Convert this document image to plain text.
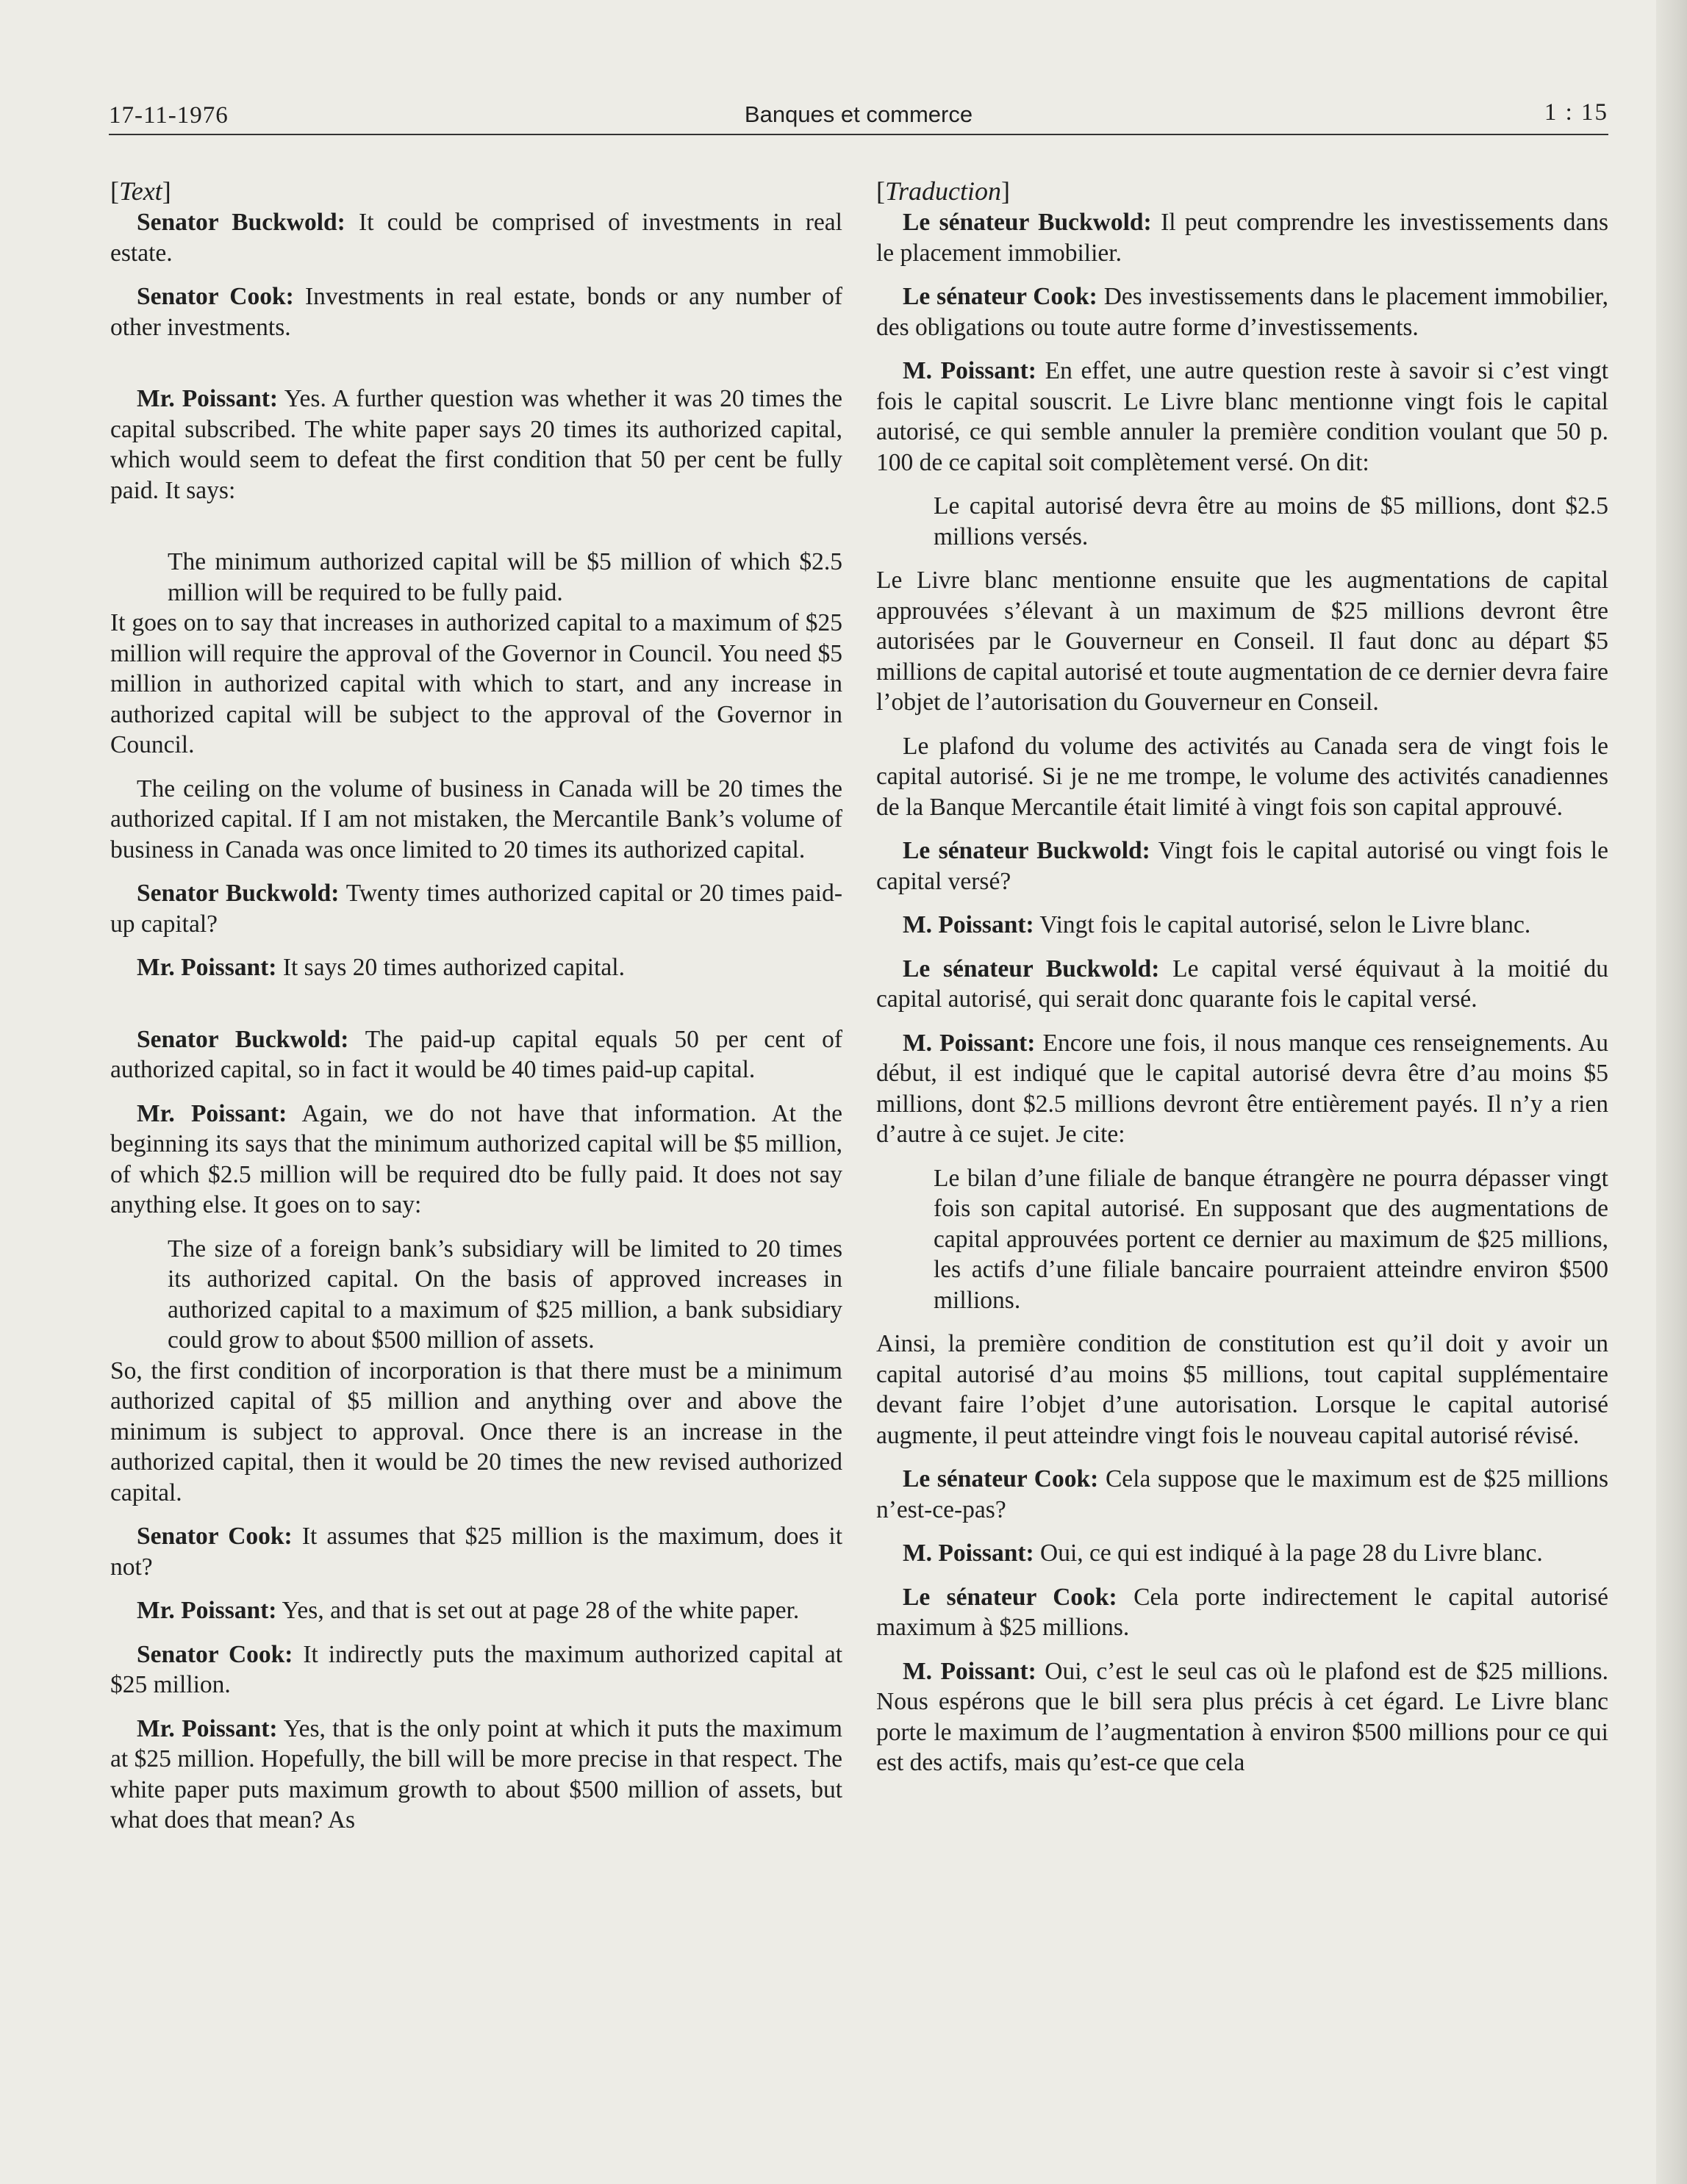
17-11-1976	Banques et commerce	1 : 15
[Text]

Senator Buckwold: It could be comprised of investments in real estate.

Senator Cook: Investments in real estate, bonds or any number of other investments.

Mr. Poissant: Yes. A further question was whether it was 20 times the capital subscribed. The white paper says 20 times its authorized capital, which would seem to defeat the first condition that 50 per cent be fully paid. It says:

The minimum authorized capital will be $5 million of which $2.5 million will be required to be fully paid.

It goes on to say that increases in authorized capital to a maximum of $25 million will require the approval of the Governor in Council. You need $5 million in authorized capital with which to start, and any increase in authorized capital will be subject to the approval of the Governor in Council.

The ceiling on the volume of business in Canada will be 20 times the authorized capital. If I am not mistaken, the Mercantile Bank’s volume of business in Canada was once limited to 20 times its authorized capital.

Senator Buckwold: Twenty times authorized capital or 20 times paid-up capital?

Mr. Poissant: It says 20 times authorized capital.

Senator Buckwold: The paid-up capital equals 50 per cent of authorized capital, so in fact it would be 40 times paid-up capital.

Mr. Poissant: Again, we do not have that information. At the beginning its says that the minimum authorized capital will be $5 million, of which $2.5 million will be required dto be fully paid. It does not say anything else. It goes on to say:

The size of a foreign bank’s subsidiary will be limited to 20 times its authorized capital. On the basis of approved increases in authorized capital to a maximum of $25 million, a bank subsidiary could grow to about $500 million of assets.

So, the first condition of incorporation is that there must be a minimum authorized capital of $5 million and anything over and above the minimum is subject to approval. Once there is an increase in the authorized capital, then it would be 20 times the new revised authorized capital.

Senator Cook: It assumes that $25 million is the maximum, does it not?

Mr. Poissant: Yes, and that is set out at page 28 of the white paper.

Senator Cook: It indirectly puts the maximum authorized capital at $25 million.

Mr. Poissant: Yes, that is the only point at which it puts the maximum at $25 million. Hopefully, the bill will be more precise in that respect. The white paper puts maximum growth to about $500 million of assets, but what does that mean? As

[Traduction]

Le sénateur Buckwold: Il peut comprendre les investissements dans le placement immobilier.

Le sénateur Cook: Des investissements dans le placement immobilier, des obligations ou toute autre forme d’investissements.

M. Poissant: En effet, une autre question reste à savoir si c’est vingt fois le capital souscrit. Le Livre blanc mentionne vingt fois le capital autorisé, ce qui semble annuler la première condition voulant que 50 p. 100 de ce capital soit complètement versé. On dit:

Le capital autorisé devra être au moins de $5 millions, dont $2.5 millions versés.

Le Livre blanc mentionne ensuite que les augmentations de capital approuvées s’élevant à un maximum de $25 millions devront être autorisées par le Gouverneur en Conseil. Il faut donc au départ $5 millions de capital autorisé et toute augmentation de ce dernier devra faire l’objet de l’autorisation du Gouverneur en Conseil.

Le plafond du volume des activités au Canada sera de vingt fois le capital autorisé. Si je ne me trompe, le volume des activités canadiennes de la Banque Mercantile était limité à vingt fois son capital approuvé.

Le sénateur Buckwold: Vingt fois le capital autorisé ou vingt fois le capital versé?

M. Poissant: Vingt fois le capital autorisé, selon le Livre blanc.

Le sénateur Buckwold: Le capital versé équivaut à la moitié du capital autorisé, qui serait donc quarante fois le capital versé.

M. Poissant: Encore une fois, il nous manque ces renseignements. Au début, il est indiqué que le capital autorisé devra être d’au moins $5 millions, dont $2.5 millions devront être entièrement payés. Il n’y a rien d’autre à ce sujet. Je cite:

Le bilan d’une filiale de banque étrangère ne pourra dépasser vingt fois son capital autorisé. En supposant que des augmentations de capital approuvées portent ce dernier au maximum de $25 millions, les actifs d’une filiale bancaire pourraient atteindre environ $500 millions.

Ainsi, la première condition de constitution est qu’il doit y avoir un capital autorisé d’au moins $5 millions, tout capital supplémentaire devant faire l’objet d’une autorisation. Lorsque le capital autorisé augmente, il peut atteindre vingt fois le nouveau capital autorisé révisé.

Le sénateur Cook: Cela suppose que le maximum est de $25 millions n’est-ce-pas?

M. Poissant: Oui, ce qui est indiqué à la page 28 du Livre blanc.

Le sénateur Cook: Cela porte indirectement le capital autorisé maximum à $25 millions.

M. Poissant: Oui, c’est le seul cas où le plafond est de $25 millions. Nous espérons que le bill sera plus précis à cet égard. Le Livre blanc porte le maximum de l’augmentation à environ $500 millions pour ce qui est des actifs, mais qu’est-ce que cela
